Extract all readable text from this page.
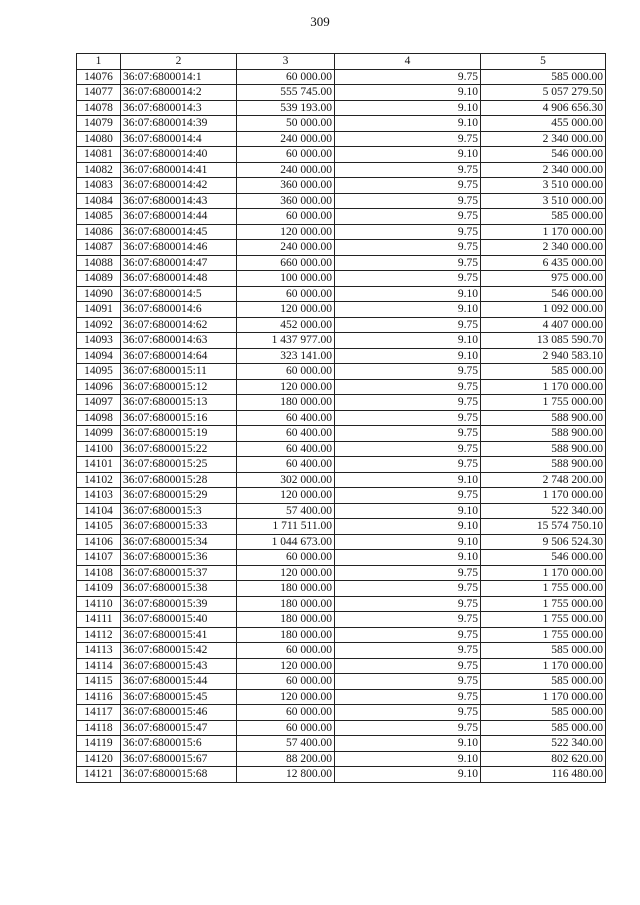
309
1	2	3	4	5
14076	36:07:6800014:1	60 000.00	9.75	585 000.00
14077	36:07:6800014:2	555 745.00	9.10	5 057 279.50
14078	36:07:6800014:3	539 193.00	9.10	4 906 656.30
14079	36:07:6800014:39	50 000.00	9.10	455 000.00
14080	36:07:6800014:4	240 000.00	9.75	2 340 000.00
14081	36:07:6800014:40	60 000.00	9.10	546 000.00
14082	36:07:6800014:41	240 000.00	9.75	2 340 000.00
14083	36:07:6800014:42	360 000.00	9.75	3 510 000.00
14084	36:07:6800014:43	360 000.00	9.75	3 510 000.00
14085	36:07:6800014:44	60 000.00	9.75	585 000.00
14086	36:07:6800014:45	120 000.00	9.75	1 170 000.00
14087	36:07:6800014:46	240 000.00	9.75	2 340 000.00
14088	36:07:6800014:47	660 000.00	9.75	6 435 000.00
14089	36:07:6800014:48	100 000.00	9.75	975 000.00
14090	36:07:6800014:5	60 000.00	9.10	546 000.00
14091	36:07:6800014:6	120 000.00	9.10	1 092 000.00
14092	36:07:6800014:62	452 000.00	9.75	4 407 000.00
14093	36:07:6800014:63	1 437 977.00	9.10	13 085 590.70
14094	36:07:6800014:64	323 141.00	9.10	2 940 583.10
14095	36:07:6800015:11	60 000.00	9.75	585 000.00
14096	36:07:6800015:12	120 000.00	9.75	1 170 000.00
14097	36:07:6800015:13	180 000.00	9.75	1 755 000.00
14098	36:07:6800015:16	60 400.00	9.75	588 900.00
14099	36:07:6800015:19	60 400.00	9.75	588 900.00
14100	36:07:6800015:22	60 400.00	9.75	588 900.00
14101	36:07:6800015:25	60 400.00	9.75	588 900.00
14102	36:07:6800015:28	302 000.00	9.10	2 748 200.00
14103	36:07:6800015:29	120 000.00	9.75	1 170 000.00
14104	36:07:6800015:3	57 400.00	9.10	522 340.00
14105	36:07:6800015:33	1 711 511.00	9.10	15 574 750.10
14106	36:07:6800015:34	1 044 673.00	9.10	9 506 524.30
14107	36:07:6800015:36	60 000.00	9.10	546 000.00
14108	36:07:6800015:37	120 000.00	9.75	1 170 000.00
14109	36:07:6800015:38	180 000.00	9.75	1 755 000.00
14110	36:07:6800015:39	180 000.00	9.75	1 755 000.00
14111	36:07:6800015:40	180 000.00	9.75	1 755 000.00
14112	36:07:6800015:41	180 000.00	9.75	1 755 000.00
14113	36:07:6800015:42	60 000.00	9.75	585 000.00
14114	36:07:6800015:43	120 000.00	9.75	1 170 000.00
14115	36:07:6800015:44	60 000.00	9.75	585 000.00
14116	36:07:6800015:45	120 000.00	9.75	1 170 000.00
14117	36:07:6800015:46	60 000.00	9.75	585 000.00
14118	36:07:6800015:47	60 000.00	9.75	585 000.00
14119	36:07:6800015:6	57 400.00	9.10	522 340.00
14120	36:07:6800015:67	88 200.00	9.10	802 620.00
14121	36:07:6800015:68	12 800.00	9.10	116 480.00
